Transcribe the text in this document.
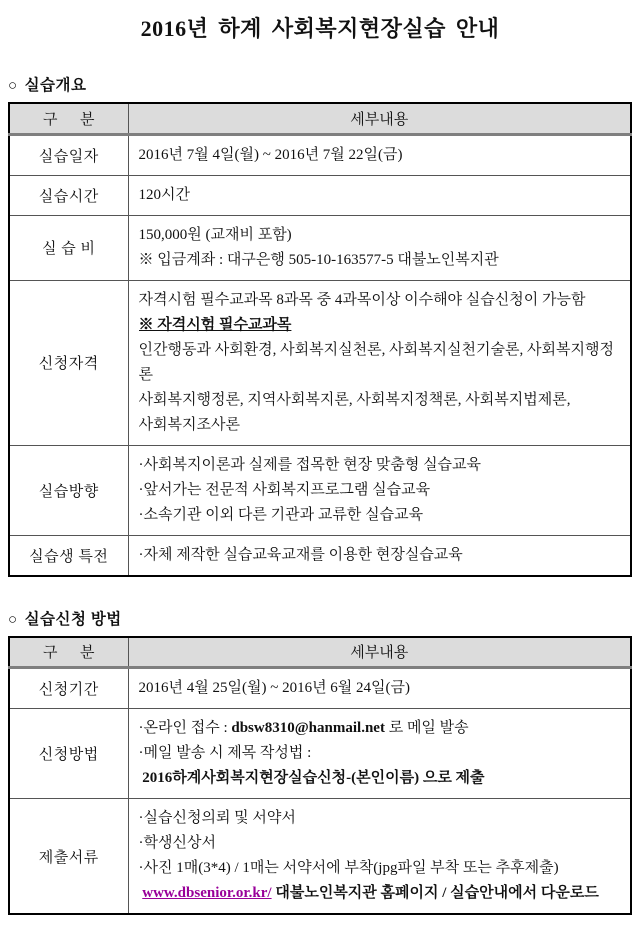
2016년 하계 사회복지현장실습 안내
○ 실습개요
구      분	세부내용
실습일자	2016년 7월 4일(월) ~ 2016년 7월 22일(금)

실습시간	120시간

실 습 비	150,000원 (교재비 포함)
※ 입금계좌 : 대구은행 505-10-163577-5 대불노인복지관

신청자격	자격시험 필수교과목 8과목 중 4과목이상 이수해야 실습신청이 가능함
※ 자격시험 필수교과목
인간행동과 사회환경, 사회복지실천론, 사회복지실천기술론, 사회복지행정론
사회복지행정론, 지역사회복지론, 사회복지정책론, 사회복지법제론,
사회복지조사론

실습방향	·사회복지이론과 실제를 접목한 현장 맞춤형 실습교육
·앞서가는 전문적 사회복지프로그램 실습교육
·소속기관 이외 다른 기관과 교류한 실습교육

실습생 특전	·자체 제작한 실습교육교재를 이용한 현장실습교육
○ 실습신청 방법
구      분	세부내용
신청기간	2016년 4월 25일(월) ~ 2016년 6월 24일(금)

신청방법	·온라인 접수 : dbsw8310@hanmail.net 로 메일 발송
·메일 발송 시 제목 작성법 :
2016하계사회복지현장실습신청-(본인이름) 으로 제출

제출서류	·실습신청의뢰 및 서약서
·학생신상서
·사진 1매(3*4) / 1매는 서약서에 부착(jpg파일 부착 또는 추후제출)
www.dbsenior.or.kr/ 대불노인복지관 홈페이지 / 실습안내에서 다운로드
